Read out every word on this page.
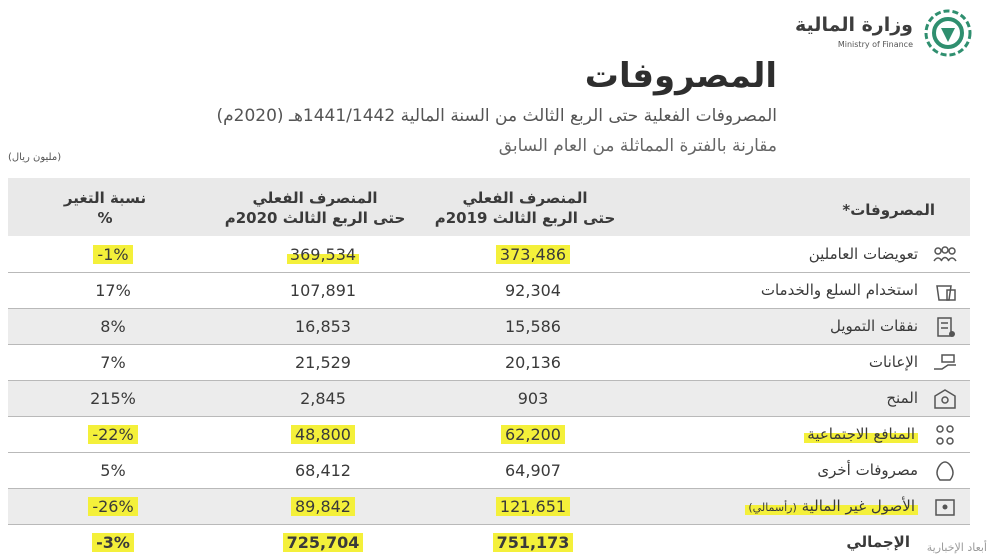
وزارة المالية
Ministry of Finance
المصروفات
المصروفات الفعلية حتى الربع الثالث من السنة المالية 1441/1442هـ (2020م)
مقارنة بالفترة المماثلة من العام السابق
(مليون ريال)
المصروفات*
المنصرف الفعلي
حتى الربع الثالث 2019م
المنصرف الفعلي
حتى الربع الثالث 2020م
نسبة التغير
%
تعويضات العاملين
373,486
369,534
-1%
استخدام السلع والخدمات
92,304
107,891
17%
نفقات التمويل
15,586
16,853
8%
الإعانات
20,136
21,529
7%
المنح
903
2,845
215%
المنافع الاجتماعية
62,200
48,800
-22%
مصروفات أخرى
64,907
68,412
5%
الأصول غير المالية (رأسمالي)
121,651
89,842
-26%
الإجمالي
751,173
725,704
-3%	أبعاد الإخبارية
